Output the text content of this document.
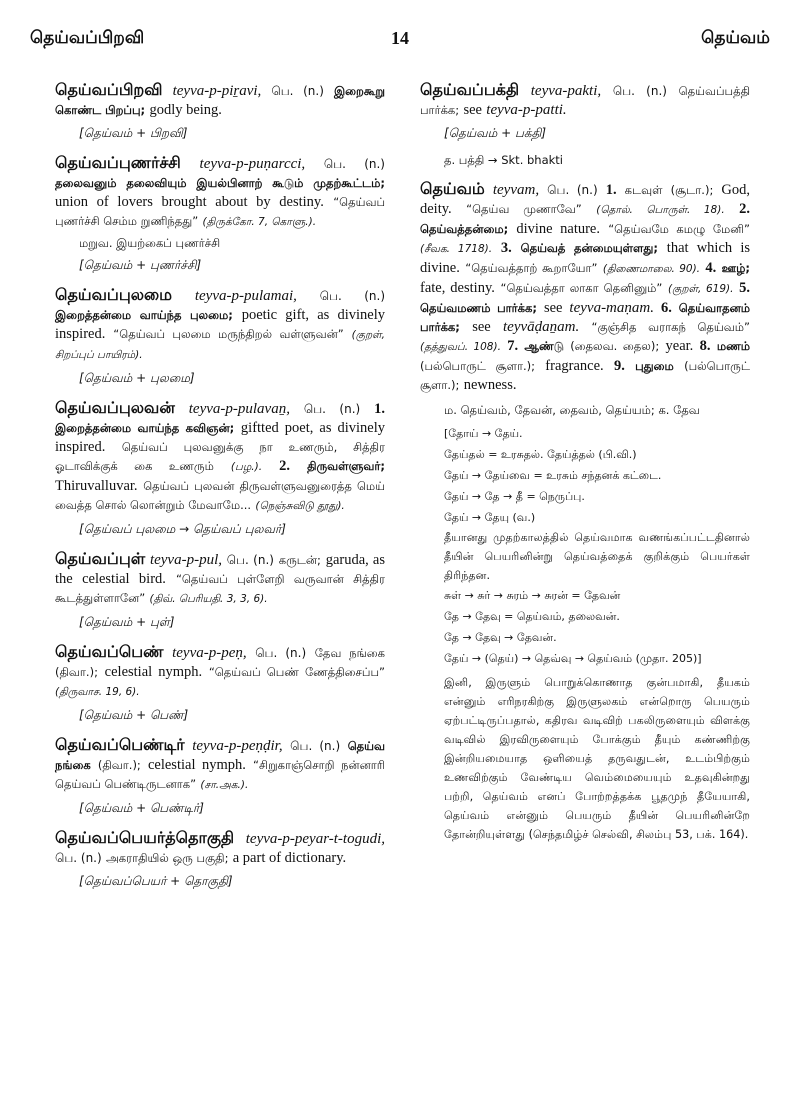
தெய்வப்பிறவி	14	தெய்வம்
தெய்வப்பிறவி teyva-p-piṟavi, பெ. (n.) இறைகூறு கொண்ட பிறப்பு; godly being.
[தெய்வம் + பிறவி]
தெய்வப்புணர்ச்சி teyva-p-puṇarcci, பெ. (n.) தலைவனும் தலைவியும் இயல்பினாற் கூடும் முதற்கூட்டம்; union of lovers brought about by destiny. “தெய்வப் புணர்ச்சி செம்ம றுணிந்தது” (திருக்கோ. 7, கொளு.).
மறுவ. இயற்கைப் புணர்ச்சி
[தெய்வம் + புணர்ச்சி]
தெய்வப்புலமை teyva-p-pulamai, பெ. (n.) இறைத்தன்மை வாய்ந்த புலமை; poetic gift, as divinely inspired. “தெய்வப் புலமை மருந்திறல் வள்ளுவன்” (குறள், சிறப்புப் பாயிரம்).
[தெய்வம் + புலமை]
தெய்வப்புலவன் teyva-p-pulavaṉ, பெ. (n.) 1. இறைத்தன்மை வாய்ந்த கவிஞன்; giftted poet, as divinely inspired. தெய்வப் புலவனுக்கு நா உணரும், சித்திர ஓடாவிக்குக் கை உணரும் (பழ.). 2. திருவள்ளுவர்; Thiruvalluvar. தெய்வப் புலவன் திருவள்ளுவனுரைத்த மெய் வைத்த சொல் லொன்றும் மேவாமே... (நெஞ்சுவிடு தூது).
[தெய்வப் புலமை → தெய்வப் புலவர்]
தெய்வப்புள் teyva-p-pul, பெ. (n.) கருடன்; garuda, as the celestial bird. “தெய்வப் புள்ளேறி வருவான் சித்திர கூடத்துள்ளானே” (திவ். பெரியதி. 3, 3, 6).
[தெய்வம் + புள்]
தெய்வப்பெண் teyva-p-peṇ, பெ. (n.) தேவ நங்கை (திவா.); celestial nymph. “தெய்வப் பெண் ணேத்திசைப்ப” (திருவாச. 19, 6).
[தெய்வம் + பெண்]
தெய்வப்பெண்டிர் teyva-p-peṇḍir, பெ. (n.) தெய்வ நங்கை (திவா.); celestial nymph. “சிறுகாஞ்சொறி நன்னாரி தெய்வப் பெண்டிருடனாக” (சா.அக.).
[தெய்வம் + பெண்டிர்]
தெய்வப்பெயர்த்தொகுதி teyva-p-peyar-t-togudi, பெ. (n.) அகராதியில் ஒரு பகுதி; a part of dictionary.
[தெய்வப்பெயர் + தொகுதி]
தெய்வப்பக்தி teyva-pakti, பெ. (n.) தெய்வப்பத்தி பார்க்க; see teyva-p-patti.
[தெய்வம் + பக்தி]
த. பத்தி → Skt. bhakti
தெய்வம் teyvam, பெ. (n.) 1. கடவுள் (சூடா.); God, deity. “தெய்வ முணாவே” (தொல். பொருள். 18). 2. தெய்வத்தன்மை; divine nature. “தெய்வமே கமழு மேனி” (சீவக. 1718). 3. தெய்வத் தன்மையுள்ளது; that which is divine. “தெய்வத்தாற் கூறாயோ” (திணைமாலை. 90). 4. ஊழ்; fate, destiny. “தெய்வத்தா லாகா தெனினும்” (குறள், 619). 5. தெய்வமணம் பார்க்க; see teyva-maṇam. 6. தெய்வாதனம் பார்க்க; see teyvāḍaṉam. “குஞ்சித வராகந் தெய்வம்” (தத்துவப். 108). 7. ஆண்டு (தைலவ. தைல); year. 8. மணம் (பல்பொருட் சூளா.); fragrance. 9. புதுமை (பல்பொருட் சூளா.); newness.
ம. தெய்வம், தேவன், தைவம், தெய்யம்; க. தேவ
[தோய் → தேய்.
தேய்தல் = உரசுதல். தேய்த்தல் (பி.வி.)
தேய் → தேய்வை = உரசும் சந்தனக் கட்டை.
தேய் → தே → தீ = நெருப்பு.
தேய் → தேயு (வ.)
தீயானது முதற்காலத்தில் தெய்வமாக வணங்கப்பட்டதினால் தீயின் பெயரினின்று தெய்வத்தைக் குறிக்கும் பெயர்கள் திரிந்தன.
சுள் → சுர் → சுரம் → சுரன் = தேவன்
தே → தேவு = தெய்வம், தலைவன்.
தே → தேவு → தேவன்.
தேய் → (தெய்) → தெவ்வு → தெய்வம் (முதா. 205)]
இனி, இருளும் பொறுக்கொணாத குன்பமாகி, தீயகம் என்னும் எரிநரகிற்கு இருளுலகம் என்றொரு பெயரும் ஏற்பட்டிருப்பதால், கதிரவ வடிவிற் பகலிருளையும் விளக்கு வடிவில் இரவிருளையும் போக்கும் தீயும் கண்ணிற்கு இன்றியமையாத ஒளியைத் தருவதுடன், உடம்பிற்கும் உணவிற்கும் வேண்டிய வெம்மையையும் உதவுகின்றது பற்றி, தெய்வம் எனப் போற்றத்தக்க பூதமுந் தீயேயாகி, தெய்வம் என்னும் பெயரும் தீயின் பெயரினின்றே தோன்றியுள்ளது (செந்தமிழ்ச் செல்வி, சிலம்பு 53, பக். 164).
